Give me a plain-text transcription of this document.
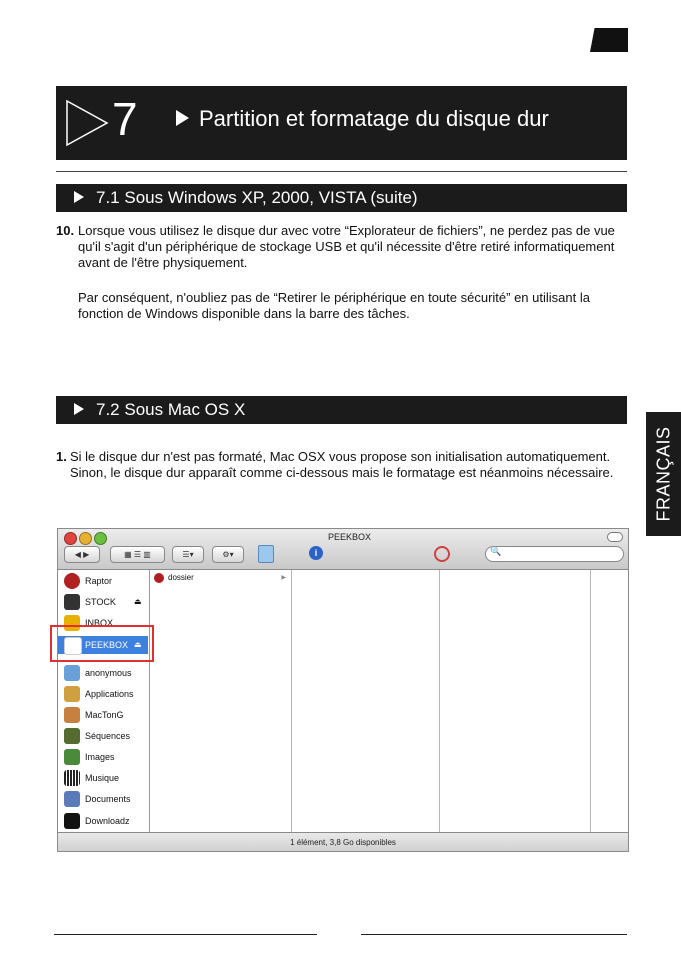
7	Partition et formatage du disque dur
7.1 Sous Windows XP, 2000, VISTA (suite)
10. Lorsque vous utilisez le disque dur avec votre “Explorateur de fichiers”, ne perdez pas de vue qu'il s'agit d'un périphérique de stockage USB et qu'il nécessite d'être retiré informatiquement avant de l'être physiquement.
Par conséquent, n'oubliez pas de “Retirer le périphérique en toute sécurité” en utilisant la fonction de Windows disponible dans la barre des tâches.
7.2 Sous Mac OS X
FRANÇAIS
1. Si le disque dur n'est pas formaté, Mac OSX vous propose son initialisation automatiquement. Sinon, le disque dur apparaît comme ci-dessous mais le formatage est néanmoins nécessaire.
PEEKBOX
◀ ▶	▦ ☰ ▥	☰▾	⚙▾	i	🔍
Raptor
STOCK ⏏
INBOX
PEEKBOX ⏏
anonymous
Applications
MacTonG
Séquences
Images
Musique
Documents
Downloadz
dossier	▶
1 élément, 3,8 Go disponibles
